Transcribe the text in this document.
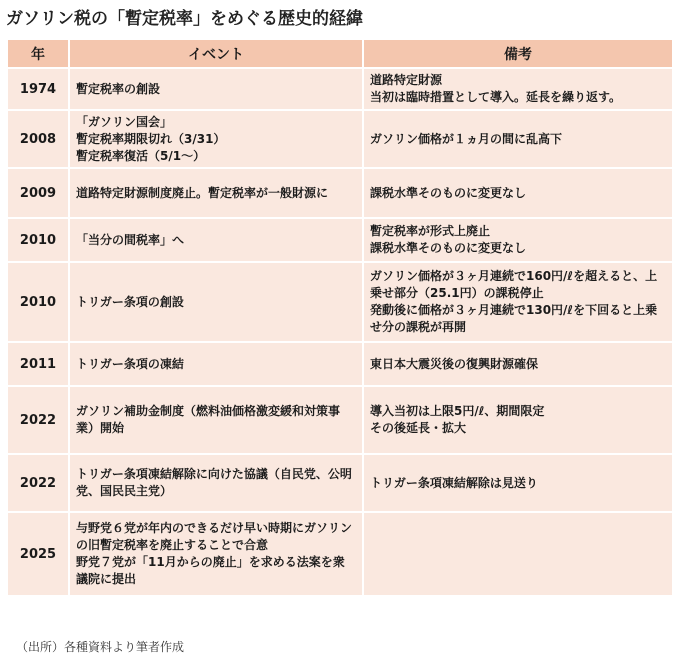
ガソリン税の「暫定税率」をめぐる歴史的経緯
年	イベント	備考
1974	暫定税率の創設	道路特定財源
当初は臨時措置として導入。延長を繰り返す。

2008	「ガソリン国会」
暫定税率期限切れ（3/31）
暫定税率復活（5/1～）	ガソリン価格が１ヵ月の間に乱高下

2009	道路特定財源制度廃止。暫定税率が一般財源に	課税水準そのものに変更なし

2010	「当分の間税率」へ	暫定税率が形式上廃止
課税水準そのものに変更なし

2010	トリガー条項の創設	ガソリン価格が３ヶ月連続で160円/ℓを超えると、上乗せ部分（25.1円）の課税停止
発動後に価格が３ヶ月連続で130円/ℓを下回ると上乗せ分の課税が再開

2011	トリガー条項の凍結	東日本大震災後の復興財源確保

2022	ガソリン補助金制度（燃料油価格激変緩和対策事業）開始	導入当初は上限5円/ℓ、期間限定
その後延長・拡大

2022	トリガー条項凍結解除に向けた協議（自民党、公明党、国民民主党）	トリガー条項凍結解除は見送り

2025	与野党６党が年内のできるだけ早い時期にガソリンの旧暫定税率を廃止することで合意
野党７党が「11月からの廃止」を求める法案を衆議院に提出	

（出所）各種資料より筆者作成
